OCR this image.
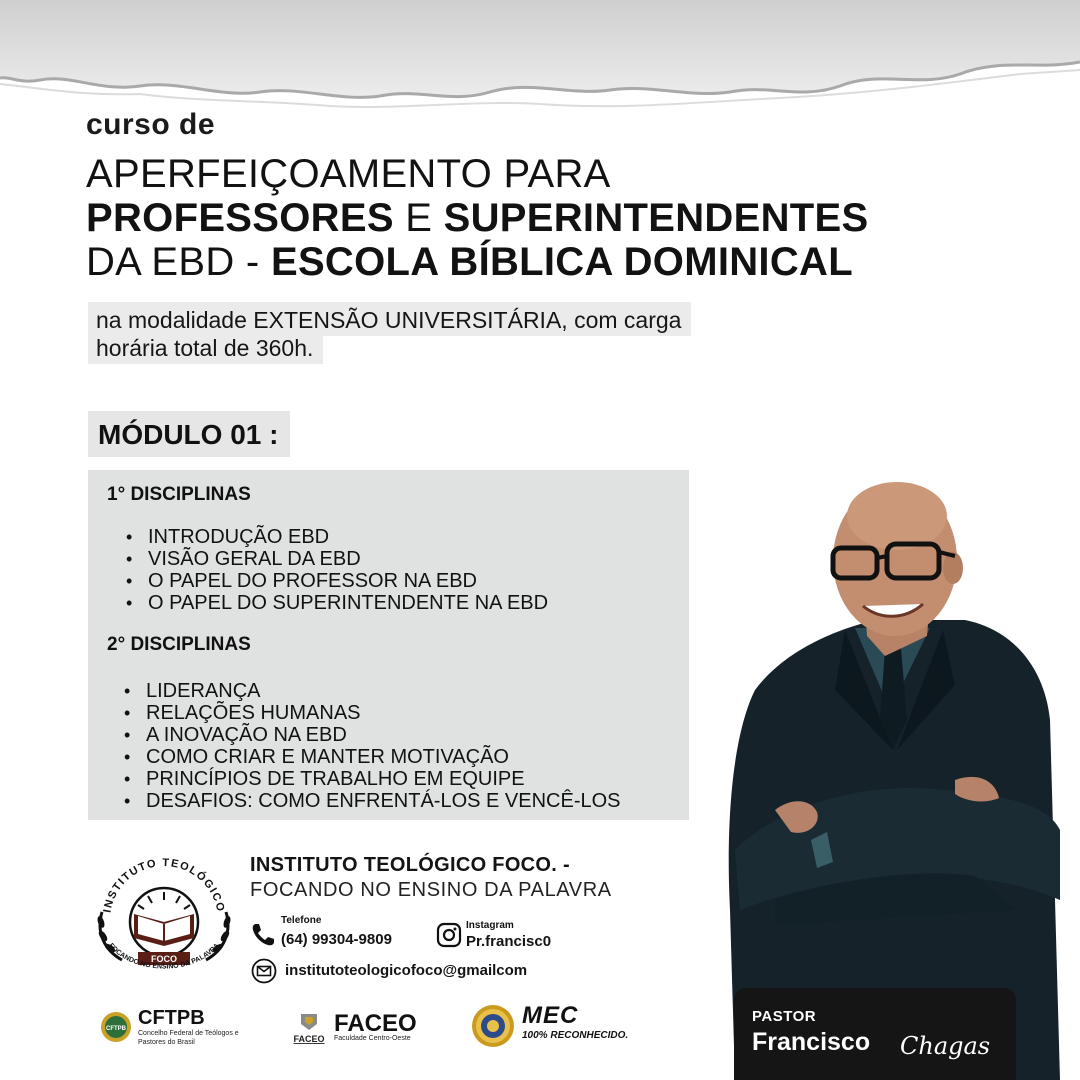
curso de
APERFEIÇOAMENTO PARA
PROFESSORES E SUPERINTENDENTES
DA EBD - ESCOLA BÍBLICA DOMINICAL
na modalidade EXTENSÃO UNIVERSITÁRIA, com carga
horária total de 360h.
MÓDULO 01 :
1° DISCIPLINAS
• INTRODUÇÃO EBD
• VISÃO GERAL DA EBD
• O PAPEL DO PROFESSOR NA EBD
• O PAPEL DO SUPERINTENDENTE NA EBD
2° DISCIPLINAS
• LIDERANÇA
• RELAÇÕES HUMANAS
• A INOVAÇÃO NA EBD
• COMO CRIAR E MANTER MOTIVAÇÃO
• PRINCÍPIOS DE TRABALHO EM EQUIPE
• DESAFIOS: COMO ENFRENTÁ-LOS E VENCÊ-LOS
PASTOR
Francisco Chagas
INSTITUTO TEOLÓGICO
FOCO
FOCANDO NO ENSINO DA PALAVRA
INSTITUTO TEOLÓGICO FOCO. -
FOCANDO NO ENSINO DA PALAVRA
Telefone
(64) 99304-9809
Instagram
Pr.francisc0
institutoteologicofoco@gmailcom
CFTPB CFTPB
Concelho Federal de Teólogos e Pastores do Brasil	FACEO
FACEO
Faculdade Centro-Oeste
MEC
100% RECONHECIDO.
